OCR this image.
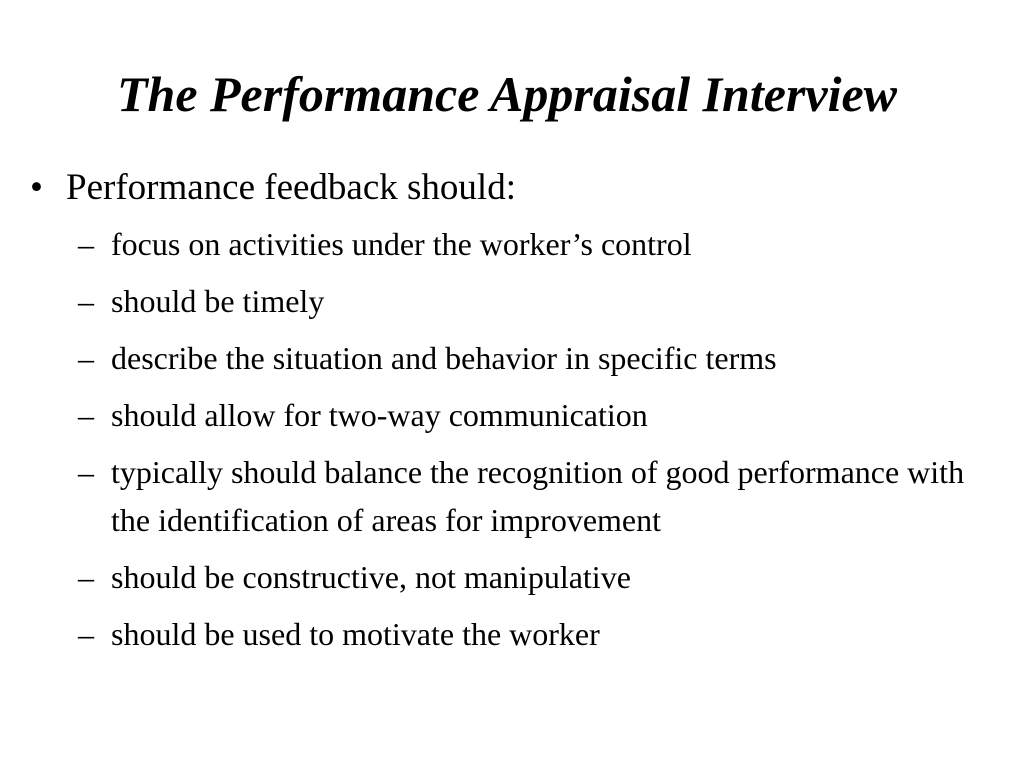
The Performance Appraisal Interview
• Performance feedback should:
– focus on activities under the worker’s control
– should be timely
– describe the situation and behavior in specific terms
– should allow for two-way communication
– typically should balance the recognition of good performance with the identification of areas for improvement
– should be constructive, not manipulative
– should be used to motivate the worker
